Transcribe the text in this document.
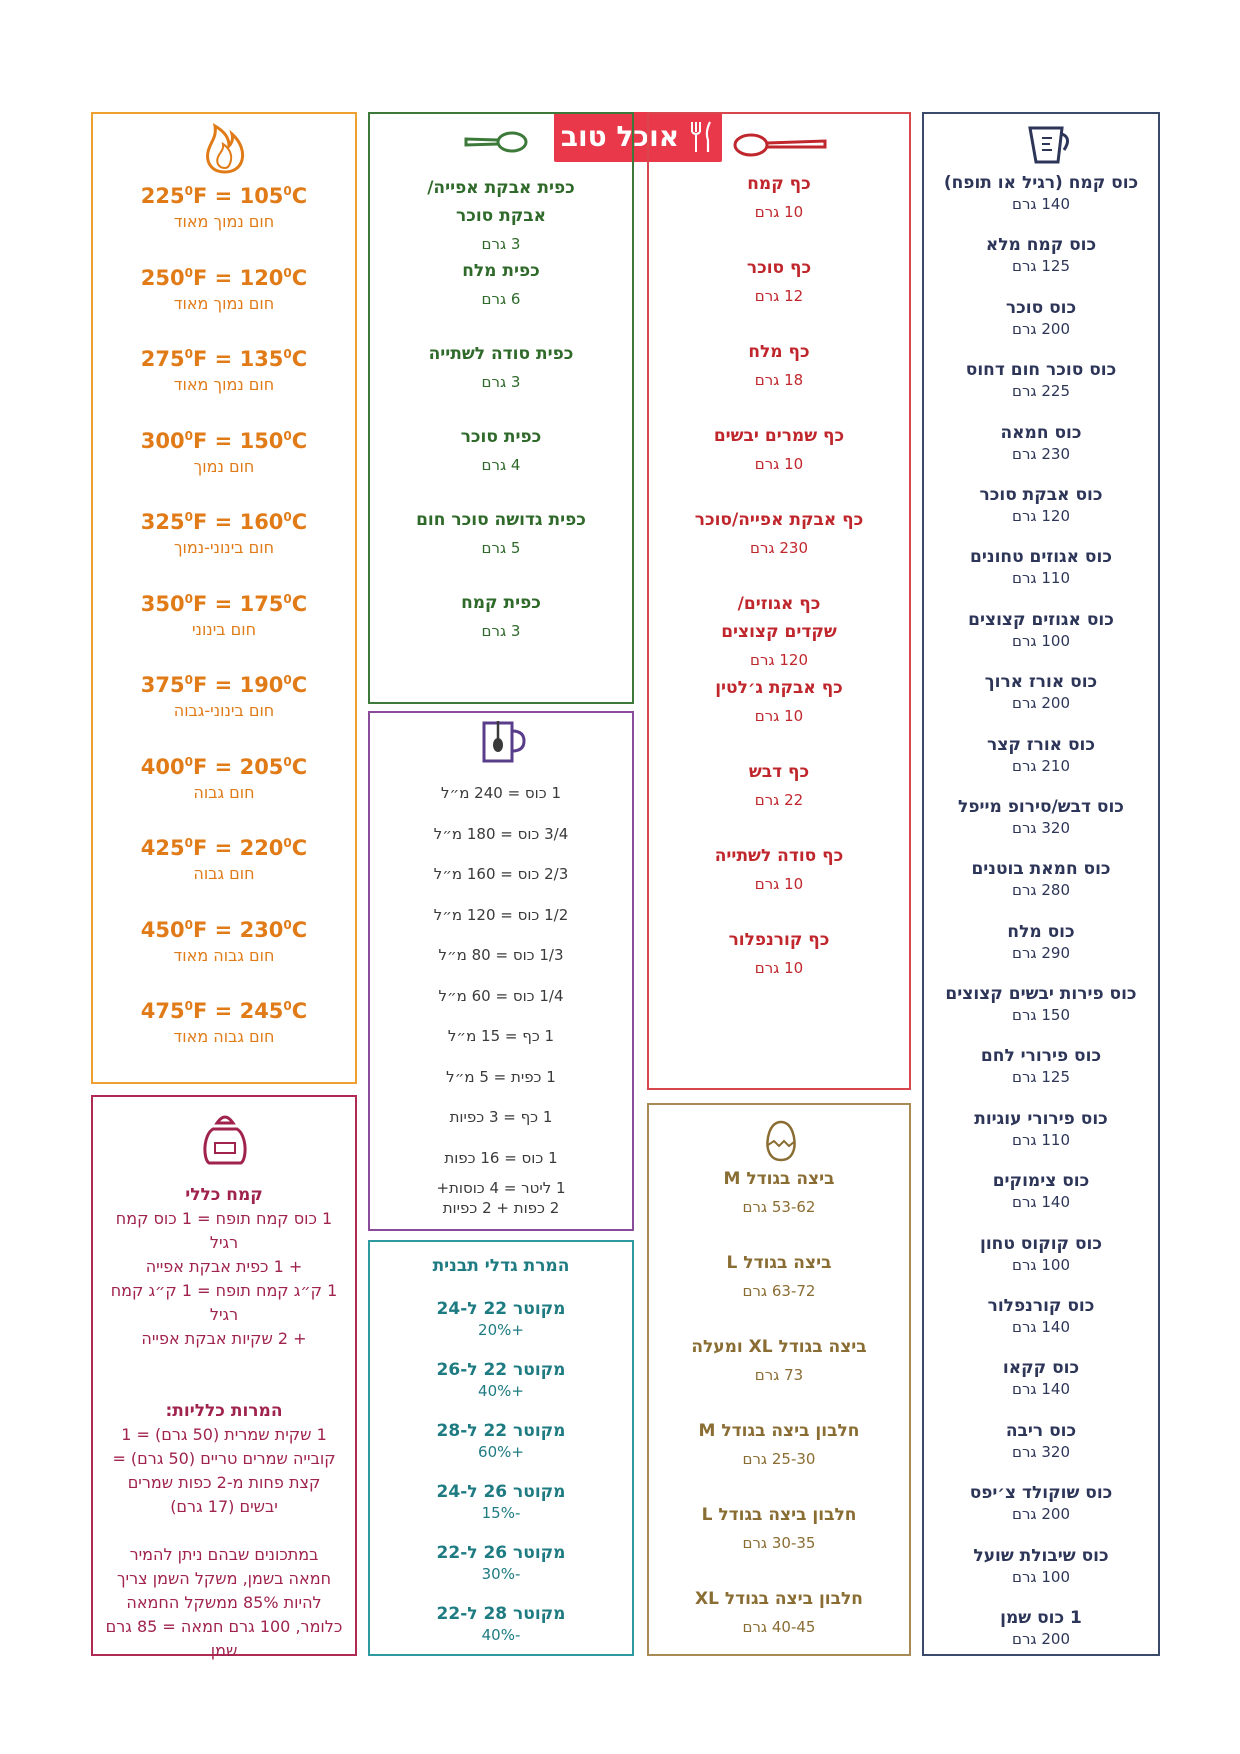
אוכל טוב
כוס קמח (רגיל או תופח)
140 גרם
כוס קמח מלא
125 גרם
כוס סוכר
200 גרם
כוס סוכר חום דחוס
225 גרם
כוס חמאה
230 גרם
כוס אבקת סוכר
120 גרם
כוס אגוזים טחונים
110 גרם
כוס אגוזים קצוצים
100 גרם
כוס אורז ארוך
200 גרם
כוס אורז קצר
210 גרם
כוס דבש/סירופ מייפל
320 גרם
כוס חמאת בוטנים
280 גרם
כוס מלח
290 גרם
כוס פירות יבשים קצוצים
150 גרם
כוס פירורי לחם
125 גרם
כוס פירורי עוגיות
110 גרם
כוס צימוקים
140 גרם
כוס קוקוס טחון
100 גרם
כוס קורנפלור
140 גרם
כוס קקאו
140 גרם
כוס ריבה
320 גרם
כוס שוקולד צ׳יפס
200 גרם
כוס שיבולת שועל
100 גרם
1 כוס שמן
200 גרם
כף קמח
10 גרם
כף סוכר
12 גרם
כף מלח
18 גרם
כף שמרים יבשים
10 גרם
כף אבקת אפייה/סוכר
230 גרם
כף אגוזים/
שקדים קצוצים
120 גרם
כף אבקת ג׳לטין
10 גרם
כף דבש
22 גרם
כף סודה לשתייה
10 גרם
כף קורנפלור
10 גרם
ביצה בגודל M
53-62 גרם
ביצה בגודל L
63-72 גרם
ביצה בגודל XL ומעלה
73 גרם
חלבון ביצה בגודל M
25-30 גרם
חלבון ביצה בגודל L
30-35 גרם
חלבון ביצה בגודל XL
40-45 גרם
כפית אבקת אפייה/
אבקת סוכר
3 גרם
כפית מלח
6 גרם
כפית סודה לשתייה
3 גרם
כפית סוכר
4 גרם
כפית גדושה סוכר חום
5 גרם
כפית קמח
3 גרם
1 כוס = 240 מ״ל
3/4 כוס = 180 מ״ל
2/3 כוס = 160 מ״ל
1/2 כוס = 120 מ״ל
1/3 כוס = 80 מ״ל
1/4 כוס = 60 מ״ל
1 כף = 15 מ״ל
1 כפית = 5 מ״ל
1 כף = 3 כפיות
1 כוס = 16 כפות
1 ליטר = 4 כוסות+
2 כפות + 2 כפיות
המרת גדלי תבנית
מקוטר 22 ל-24
+20%
מקוטר 22 ל-26
+40%
מקוטר 22 ל-28
+60%
מקוטר 26 ל-24
-15%
מקוטר 26 ל-22
-30%
מקוטר 28 ל-22
-40%
$225^0F = 105^0C$
חום נמוך מאוד
$250^0F = 120^0C$
חום נמוך מאוד
$275^0F = 135^0C$
חום נמוך מאוד
$300^0F = 150^0C$
חום נמוך
$325^0F = 160^0C$
חום בינוני-נמוך
$350^0F = 175^0C$
חום בינוני
$375^0F = 190^0C$
חום בינוני-גבוה
$400^0F = 205^0C$
חום גבוה
$425^0F = 220^0C$
חום גבוה
$450^0F = 230^0C$
חום גבוה מאוד
$475^0F = 245^0C$
חום גבוה מאוד
קמח כללי
1 כוס קמח תופח = 1 כוס קמח רגיל
+ 1 כפית אבקת אפייה
1 ק״ג קמח תופח = 1 ק״ג קמח רגיל
+ 2 שקיות אבקת אפייה
המרות כלליות:
1 שקית שמרית (50 גרם) = 1
קובייה שמרים טריים (50 גרם) =
קצת פחות מ-2 כפות שמרים
יבשים (17 גרם)
במתכונים שבהם ניתן להמיר
חמאה בשמן, משקל השמן צריך
להיות 85% ממשקל החמאה
כלומר, 100 גרם חמאה = 85 גרם
שמן
